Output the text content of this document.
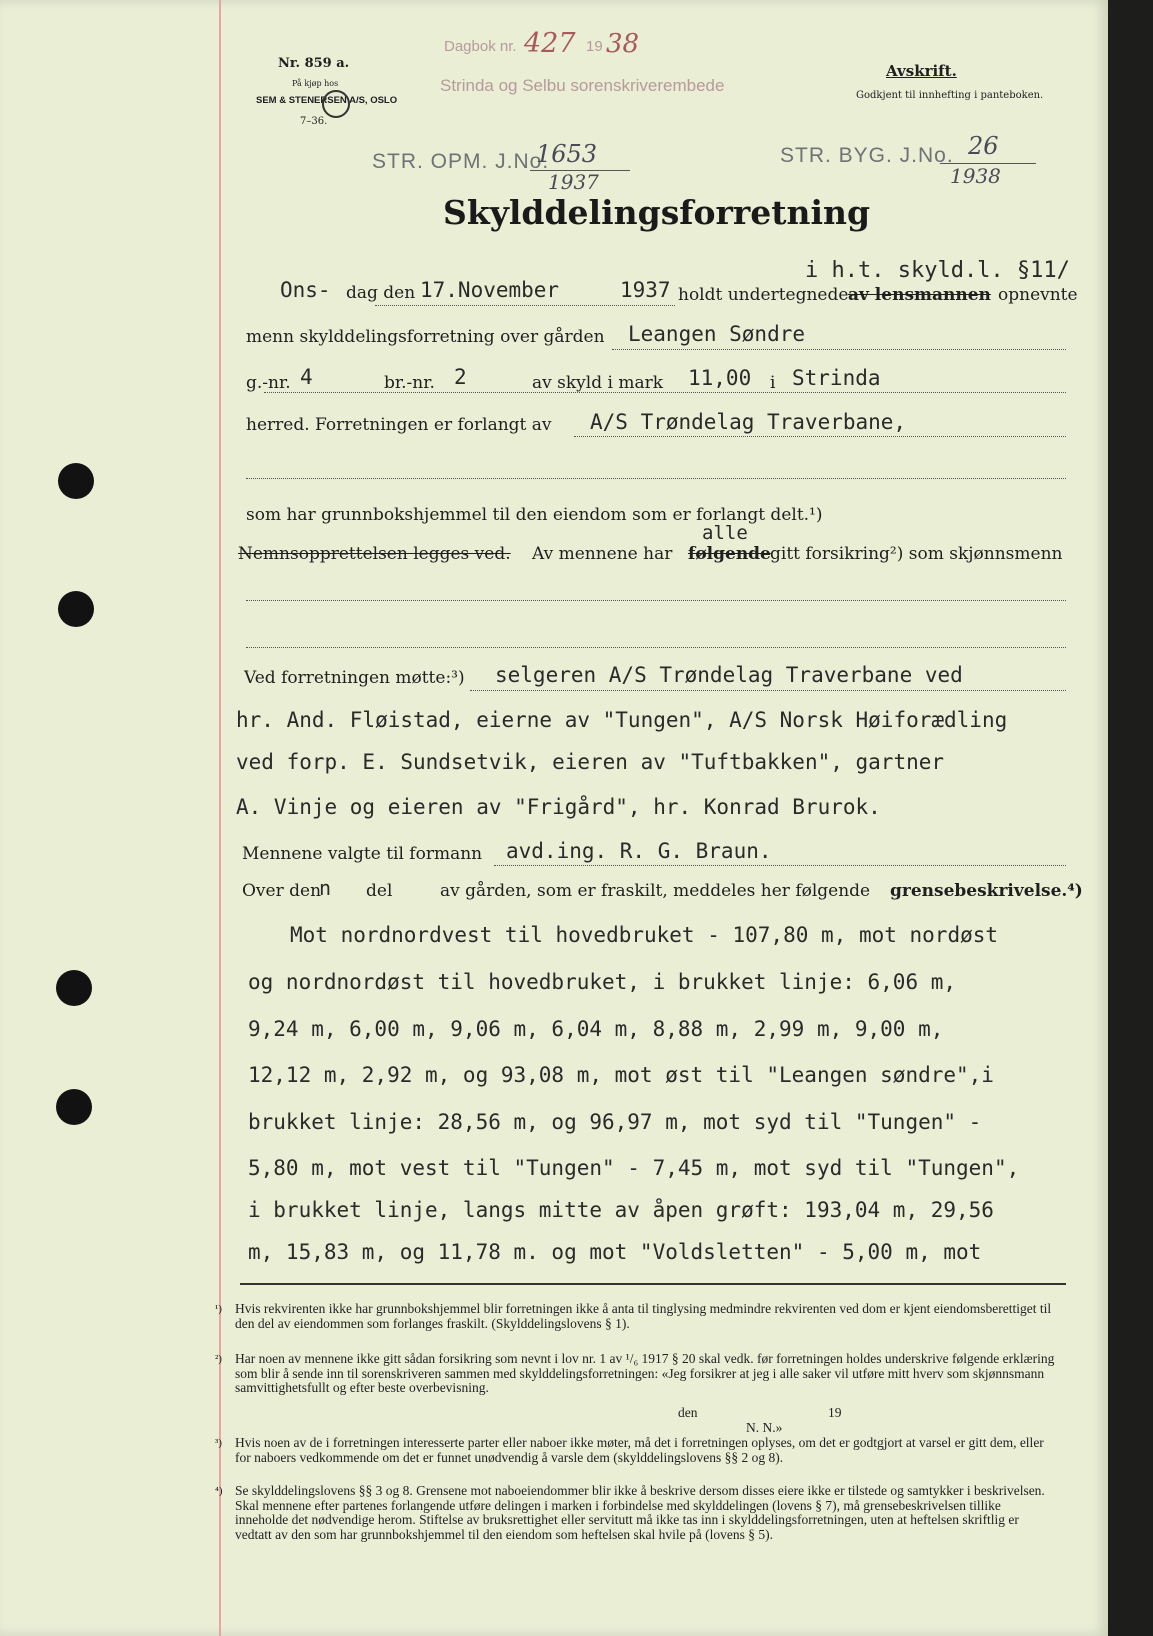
Nr. 859 a.
På kjøp hos
SEM & STENERSEN A/S, OSLO
7–36.
Dagbok nr. 427 19 38
Strinda og Selbu sorenskriverembede
Avskrift.
Godkjent til innhefting i panteboken.
STR. OPM. J.No.
1653
1937
STR. BYG. J.No. 26
1938
Skylddelingsforretning
i h.t. skyld.l. §11/
Ons- dag den 17.November	1937 holdt undertegnede av lensmannen opnevnte
menn skylddelingsforretning over gården Leangen Søndre
g.-nr. 4	br.-nr. 2	av skyld i mark 11,00 i Strinda
herred. Forretningen er forlangt av A/S Trøndelag Traverbane,
som har grunnbokshjemmel til den eiendom som er forlangt delt.¹)
Nemnsopprettelsen legges ved. Av mennene har
alle
følgende gitt forsikring²) som skjønnsmenn
Ved forretningen møtte:³) selgeren A/S Trøndelag Traverbane ved
hr. And. Fløistad, eierne av "Tungen", A/S Norsk Høiforædling
ved forp. E. Sundsetvik, eieren av "Tuftbakken", gartner
A. Vinje og eieren av "Frigård", hr. Konrad Brurok.
Mennene valgte til formann avd.ing. R. G. Braun.
Over den
n del	av gården, som er fraskilt, meddeles her følgende grensebeskrivelse.⁴)
Mot nordnordvest til hovedbruket - 107,80 m, mot nordøst
og nordnordøst til hovedbruket, i brukket linje: 6,06 m,
9,24 m, 6,00 m, 9,06 m, 6,04 m, 8,88 m, 2,99 m, 9,00 m,
12,12 m, 2,92 m, og 93,08 m, mot øst til "Leangen søndre",i
brukket linje: 28,56 m, og 96,97 m, mot syd til "Tungen" -
5,80 m, mot vest til "Tungen" - 7,45 m, mot syd til "Tungen",
i brukket linje, langs mitte av åpen grøft: 193,04 m, 29,56
m, 15,83 m, og 11,78 m. og mot "Voldsletten" - 5,00 m, mot
¹) Hvis rekvirenten ikke har grunnbokshjemmel blir forretningen ikke å anta til tinglysing medmindre rekvirenten ved dom er kjent eiendomsberettiget til den del av eiendommen som forlanges fraskilt. (Skylddelingslovens § 1).

²) Har noen av mennene ikke gitt sådan forsikring som nevnt i lov nr. 1 av ¹/₆ 1917 § 20 skal vedk. før forretningen holdes underskrive følgende erklæring som blir å sende inn til sorenskriveren sammen med skylddelingsforretningen: «Jeg forsikrer at jeg i alle saker vil utføre mitt hverv som skjønnsmann samvittighetsfullt og efter beste overbevisning.

den	19
N. N.»
³) Hvis noen av de i forretningen interesserte parter eller naboer ikke møter, må det i forretningen oplyses, om det er godtgjort at varsel er gitt dem, eller for naboers vedkommende om det er funnet unødvendig å varsle dem (skylddelingslovens §§ 2 og 8).

⁴) Se skylddelingslovens §§ 3 og 8. Grensene mot naboeiendommer blir ikke å beskrive dersom disses eiere ikke er tilstede og samtykker i beskrivelsen. Skal mennene efter partenes forlangende utføre delingen i marken i forbindelse med skylddelingen (lovens § 7), må grensebeskrivelsen tillike inneholde det nødvendige herom. Stiftelse av bruksrettighet eller servitutt må ikke tas inn i skylddelingsforretningen, uten at heftelsen skriftlig er vedtatt av den som har grunnbokshjemmel til den eiendom som heftelsen skal hvile på (lovens § 5).
